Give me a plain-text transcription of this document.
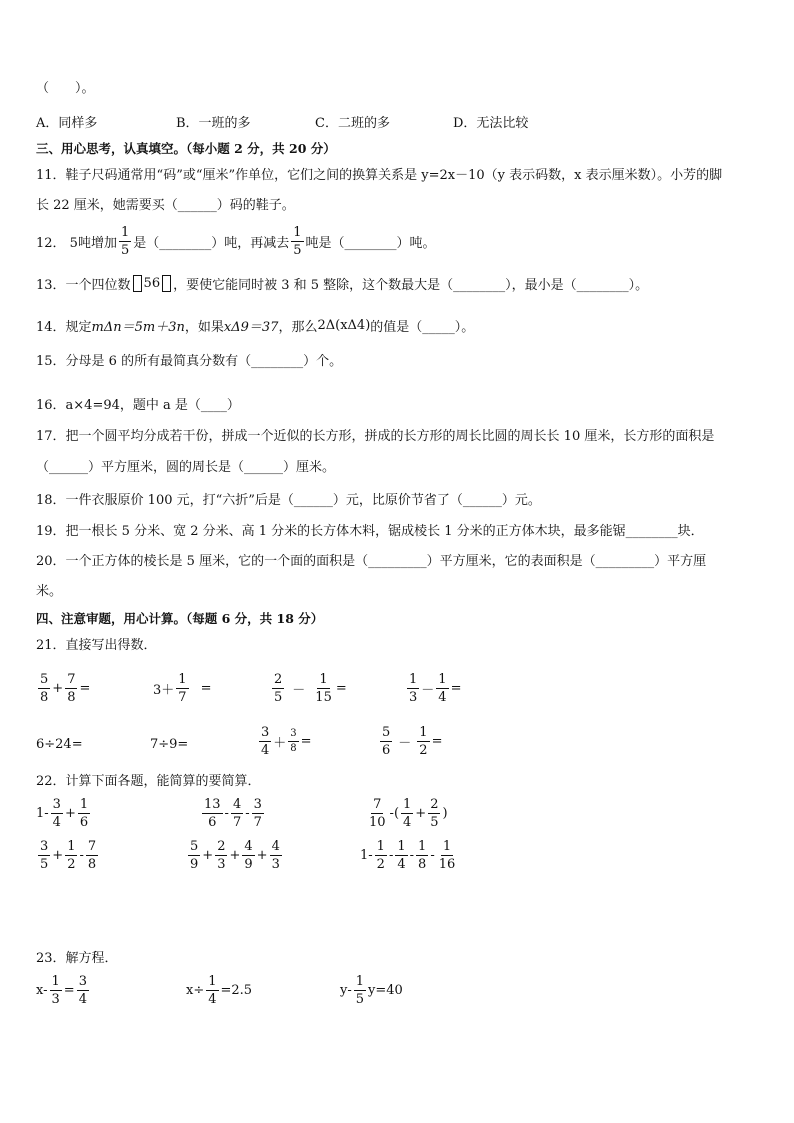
（　　）。
A．同样多	B．一班的多	C．二班的多	D．无法比较
三、用心思考，认真填空。（每小题 2 分，共 20 分）
11．鞋子尺码通常用“码”或“厘米”作单位，它们之间的换算关系是 y=2x－10（y 表示码数，x 表示厘米数）。小芳的脚
长 22 厘米，她需要买（______）码的鞋子。
12． 5吨增加 $\frac{1}{5}$ 是（________）吨，再减去 $\frac{1}{5}$ 吨是（________）吨。
13．一个四位数 56 ，要使它能同时被 3 和 5 整除，这个数最大是（________），最小是（________）。
14．规定 mΔn＝5m＋3n ，如果 xΔ9＝37 ，那么 2Δ(xΔ4) 的值是（_____）。
15．分母是 6 的所有最简真分数有（________）个。
16．a×4=94，题中 a 是（____）
17．把一个圆平均分成若干份，拼成一个近似的长方形，拼成的长方形的周长比圆的周长长 10 厘米，长方形的面积是
（______）平方厘米，圆的周长是（______）厘米。
18．一件衣服原价 100 元，打“六折”后是（______）元，比原价节省了（______）元。
19．把一根长 5 分米、宽 2 分米、高 1 分米的长方体木料，锯成棱长 1 分米的正方体木块，最多能锯________块．
20．一个正方体的棱长是 5 厘米，它的一个面的面积是（_________）平方厘米，它的表面积是（_________）平方厘
米。
四、注意审题，用心计算。（每题 6 分，共 18 分）
21．直接写出得数．
$\frac{5}{8} + \frac{7}{8}$ =	$3+ \frac{1}{7}$ =	$\frac{2}{5} - \frac{1}{15}$ =	$\frac{1}{3} - \frac{1}{4}$ =
6÷24=	7÷9=	$\frac{3}{4} + \frac{3}{8}$ =	$\frac{5}{6} - \frac{1}{2}$ =
22．计算下面各题，能简算的要简算．
$1- \frac{3}{4} + \frac{1}{6}$	$\frac{13}{6} - \frac{4}{7} - \frac{3}{7}$	$\frac{7}{10}$ -( $\frac{1}{4} + \frac{2}{5}$ )
$\frac{3}{5} + \frac{1}{2} - \frac{7}{8}$	$\frac{5}{9} + \frac{2}{3} + \frac{4}{9} + \frac{4}{3}$	$1- \frac{1}{2} - \frac{1}{4} - \frac{1}{8} - \frac{1}{16}$
23．解方程．
$x- \frac{1}{3} = \frac{3}{4}$	$x\div \frac{1}{4} =2.5$	$y- \frac{1}{5} y=40$
